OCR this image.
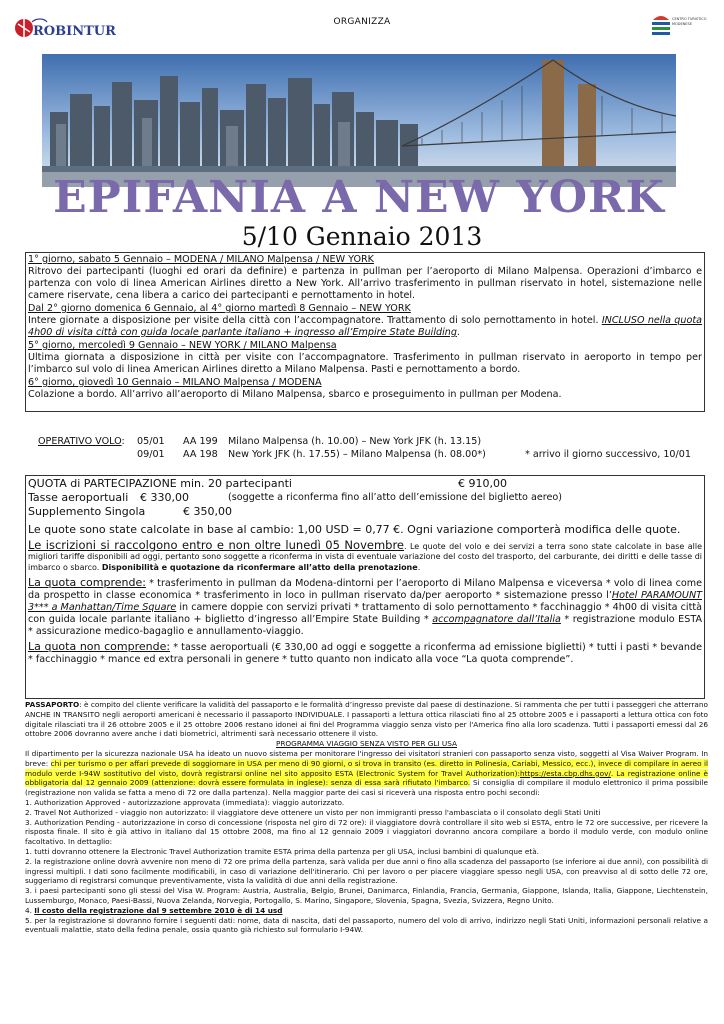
ROBINTUR
ORGANIZZA	CENTRO TURISTICO MODENESE
EPIFANIA A NEW YORK
5/10 Gennaio 2013
1° giorno, sabato 5 Gennaio – MODENA / MILANO Malpensa / NEW YORK

Ritrovo dei partecipanti (luoghi ed orari da definire) e partenza in pullman per l’aeroporto di Milano Malpensa. Operazioni d’imbarco e partenza con volo di linea American Airlines diretto a New York. All’arrivo trasferimento in pullman riservato in hotel, sistemazione nelle camere riservate, cena libera a carico dei partecipanti e pernottamento in hotel.

Dal 2° giorno domenica 6 Gennaio, al 4° giorno martedì 8 Gennaio – NEW YORK

Intere giornate a disposizione per visite della città con l’accompagnatore. Trattamento di solo pernottamento in hotel. INCLUSO nella quota 4h00 di visita città con guida locale parlante italiano + ingresso all’Empire State Building.

5° giorno, mercoledì 9 Gennaio – NEW YORK / MILANO Malpensa

Ultima giornata a disposizione in città per visite con l’accompagnatore. Trasferimento in pullman riservato in aeroporto in tempo per l’imbarco sul volo di linea American Airlines diretto a Milano Malpensa. Pasti e pernottamento a bordo.

6° giorno, giovedì 10 Gennaio – MILANO Malpensa / MODENA

Colazione a bordo. All’arrivo all’aeroporto di Milano Malpensa, sbarco e proseguimento in pullman per Modena.

OPERATIVO VOLO: 05/01 AA 199 Milano Malpensa (h. 10.00) – New York JFK (h. 13.15)
09/01 AA 198 New York JFK (h. 17.55) – Milano Malpensa (h. 08.00*)	* arrivo il giorno successivo, 10/01
QUOTA di PARTECIPAZIONE min. 20 partecipanti	€ 910,00
Tasse aeroportuali € 330,00	(soggette a riconferma fino all’atto dell’emissione del biglietto aereo)
Supplemento Singola	€ 350,00

Le quote sono state calcolate in base al cambio: 1,00 USD = 0,77 €. Ogni variazione comporterà modifica delle quote.

Le iscrizioni si raccolgono entro e non oltre lunedì 05 Novembre. Le quote del volo e dei servizi a terra sono state calcolate in base alle migliori tariffe disponibili ad oggi, pertanto sono soggette a riconferma in vista di eventuale variazione del costo del trasporto, del carburante, dei diritti e delle tasse di imbarco o sbarco. Disponibilità e quotazione da riconfermare all’atto della prenotazione.

La quota comprende: * trasferimento in pullman da Modena-dintorni per l’aeroporto di Milano Malpensa e viceversa * volo di linea come da prospetto in classe economica * trasferimento in loco in pullman riservato da/per aeroporto * sistemazione presso l’Hotel PARAMOUNT 3*** a Manhattan/Time Square in camere doppie con servizi privati * trattamento di solo pernottamento * facchinaggio * 4h00 di visita città con guida locale parlante italiano + biglietto d’ingresso all’Empire State Building * accompagnatore dall’Italia * registrazione modulo ESTA * assicurazione medico-bagaglio e annullamento-viaggio.

La quota non comprende: * tasse aeroportuali (€ 330,00 ad oggi e soggette a riconferma ad emissione biglietti) * tutti i pasti * bevande * facchinaggio * mance ed extra personali in genere * tutto quanto non indicato alla voce “La quota comprende”.

PASSAPORTO: è compito del cliente verificare la validità del passaporto e le formalità d’ingresso previste dal paese di destinazione. Si rammenta che per tutti i passeggeri che atterrano ANCHE IN TRANSITO negli aeroporti americani è necessario il passaporto INDIVIDUALE. I passaporti a lettura ottica rilasciati fino al 25 ottobre 2005 e i passaporti a lettura ottica con foto digitale rilasciati tra il 26 ottobre 2005 e il 25 ottobre 2006 restano idonei ai fini del Programma viaggio senza visto per l'America fino alla loro scadenza. Tutti i passaporti emessi dal 26 ottobre 2006 dovranno avere anche i dati biometrici, altrimenti sarà necessario ottenere il visto.

PROGRAMMA VIAGGIO SENZA VISTO PER GLI USA

Il dipartimento per la sicurezza nazionale USA ha ideato un nuovo sistema per monitorare l'ingresso dei visitatori stranieri con passaporto senza visto, soggetti al Visa Waiver Program. In breve: chi per turismo o per affari prevede di soggiornare in USA per meno di 90 giorni, o si trova in transito (es. diretto in Polinesia, Cariabi, Messico, ecc.), invece di compilare in aereo il modulo verde I-94W sostitutivo del visto, dovrà registrarsi online nel sito apposito ESTA (Electronic System for Travel Authorization):https://esta.cbp.dhs.gov/. La registrazione online è obbligatoria dal 12 gennaio 2009 (attenzione: dovrà essere formulata in inglese): senza di essa sarà rifiutato l'imbarco. Si consiglia di compilare il modulo elettronico il prima possibile (registrazione non valida se fatta a meno di 72 ore dalla partenza). Nella maggior parte dei casi si riceverà una risposta entro pochi secondi:

1. Authorization Approved - autorizzazione approvata (immediata): viaggio autorizzato.

2. Travel Not Authorized - viaggio non autorizzato: il viaggiatore deve ottenere un visto per non immigranti presso l'ambasciata o il consolato degli Stati Uniti

3. Authorization Pending - autorizzazione in corso di concessione (risposta nel giro di 72 ore): il viaggiatore dovrà controllare il sito web si ESTA, entro le 72 ore successive, per ricevere la risposta finale. Il sito è già attivo in italiano dal 15 ottobre 2008, ma fino al 12 gennaio 2009 i viaggiatori dovranno ancora compilare a bordo il modulo verde, con modulo online facoltativo. In dettaglio:

1. tutti dovranno ottenere la Electronic Travel Authorization tramite ESTA prima della partenza per gli USA, inclusi bambini di qualunque età.

2. la registrazione online dovrà avvenire non meno di 72 ore prima della partenza, sarà valida per due anni o fino alla scadenza del passaporto (se inferiore ai due anni), con possibilità di ingressi multipli. I dati sono facilmente modificabili, in caso di variazione dell'itinerario. Chi per lavoro o per piacere viaggiare spesso negli USA, con preavviso al di sotto delle 72 ore, suggeriamo di registrarsi comunque preventivamente, vista la validità di due anni della registrazione.

3. i paesi partecipanti sono gli stessi del Visa W. Program: Austria, Australia, Belgio, Brunei, Danimarca, Finlandia, Francia, Germania, Giappone, Islanda, Italia, Giappone, Liechtenstein, Lussemburgo, Monaco, Paesi-Bassi, Nuova Zelanda, Norvegia, Portogallo, S. Marino, Singapore, Slovenia, Spagna, Svezia, Svizzera, Regno Unito.

4. Il costo della registrazione dal 9 settembre 2010 è di 14 usd

5. per la registrazione si dovranno fornire i seguenti dati: nome, data di nascita, dati del passaporto, numero del volo di arrivo, indirizzo negli Stati Uniti, informazioni personali relative a eventuali malattie, stato della fedina penale, ossia quanto già richiesto sul formulario I-94W.
